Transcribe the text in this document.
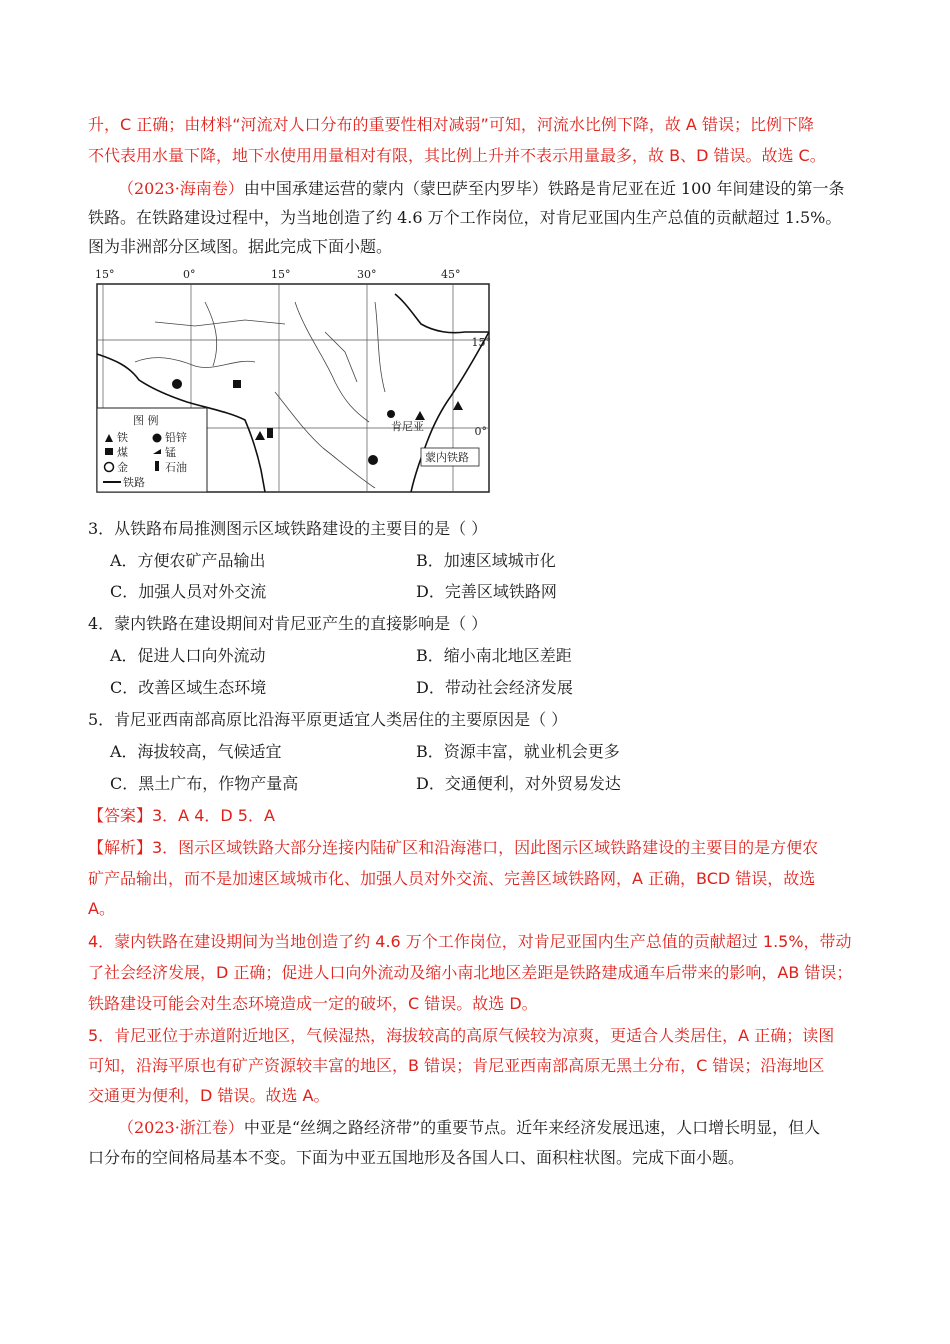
升，C 正确；由材料“河流对人口分布的重要性相对减弱”可知，河流水比例下降，故 A 错误；比例下降
不代表用水量下降，地下水使用用量相对有限，其比例上升并不表示用量最多，故 B、D 错误。故选 C。
（2023·海南卷）由中国承建运营的蒙内（蒙巴萨至内罗毕）铁路是肯尼亚在近 100 年间建设的第一条
铁路。在铁路建设过程中，为当地创造了约 4.6 万个工作岗位，对肯尼亚国内生产总值的贡献超过 1.5%。
图为非洲部分区域图。据此完成下面小题。
15°	0°	15°	30°	45°
15°
0°
肯尼亚
蒙内铁路
图 例
铁	铅锌
煤	锰
金	石油
铁路
3．从铁路布局推测图示区域铁路建设的主要目的是（ ）
A．方便农矿产品输出	B．加速区域城市化
C．加强人员对外交流	D．完善区域铁路网
4．蒙内铁路在建设期间对肯尼亚产生的直接影响是（ ）
A．促进人口向外流动	B．缩小南北地区差距
C．改善区域生态环境	D．带动社会经济发展
5．肯尼亚西南部高原比沿海平原更适宜人类居住的主要原因是（ ）
A．海拔较高，气候适宜	B．资源丰富，就业机会更多
C．黑土广布，作物产量高	D．交通便利，对外贸易发达
【答案】3．A 4．D 5．A
【解析】3．图示区域铁路大部分连接内陆矿区和沿海港口，因此图示区域铁路建设的主要目的是方便农
矿产品输出，而不是加速区域城市化、加强人员对外交流、完善区域铁路网，A 正确，BCD 错误，故选
A。
4．蒙内铁路在建设期间为当地创造了约 4.6 万个工作岗位，对肯尼亚国内生产总值的贡献超过 1.5%，带动
了社会经济发展，D 正确；促进人口向外流动及缩小南北地区差距是铁路建成通车后带来的影响，AB 错误；
铁路建设可能会对生态环境造成一定的破坏，C 错误。故选 D。
5．肯尼亚位于赤道附近地区，气候湿热，海拔较高的高原气候较为凉爽，更适合人类居住，A 正确；读图
可知，沿海平原也有矿产资源较丰富的地区，B 错误；肯尼亚西南部高原无黑土分布，C 错误；沿海地区
交通更为便利，D 错误。故选 A。
（2023·浙江卷）中亚是“丝绸之路经济带”的重要节点。近年来经济发展迅速，人口增长明显，但人
口分布的空间格局基本不变。下面为中亚五国地形及各国人口、面积柱状图。完成下面小题。
